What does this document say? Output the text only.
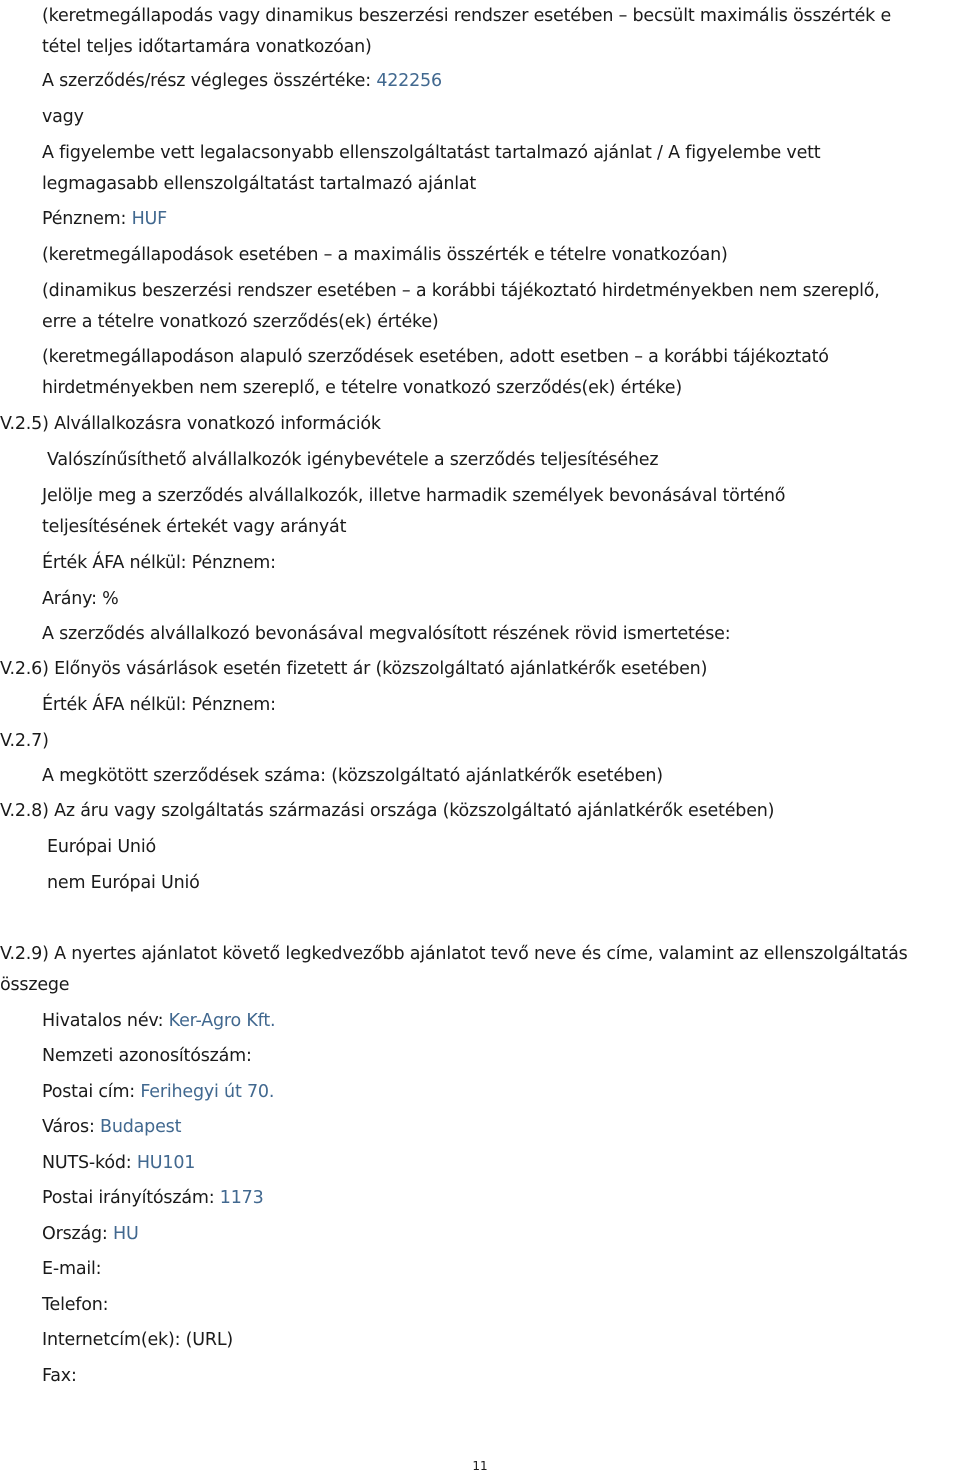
(keretmegállapodás vagy dinamikus beszerzési rendszer esetében – becsült maximális összérték e
tétel teljes időtartamára vonatkozóan)
A szerződés/rész végleges összértéke: 422256
vagy
A figyelembe vett legalacsonyabb ellenszolgáltatást tartalmazó ajánlat / A figyelembe vett
legmagasabb ellenszolgáltatást tartalmazó ajánlat
Pénznem: HUF
(keretmegállapodások esetében – a maximális összérték e tételre vonatkozóan)
(dinamikus beszerzési rendszer esetében – a korábbi tájékoztató hirdetményekben nem szereplő,
erre a tételre vonatkozó szerződés(ek) értéke)
(keretmegállapodáson alapuló szerződések esetében, adott esetben – a korábbi tájékoztató
hirdetményekben nem szereplő, e tételre vonatkozó szerződés(ek) értéke)
V.2.5) Alvállalkozásra vonatkozó információk
Valószínűsíthető alvállalkozók igénybevétele a szerződés teljesítéséhez
Jelölje meg a szerződés alvállalkozók, illetve harmadik személyek bevonásával történő
teljesítésének értekét vagy arányát
Érték ÁFA nélkül: Pénznem:
Arány: %
A szerződés alvállalkozó bevonásával megvalósított részének rövid ismertetése:
V.2.6) Előnyös vásárlások esetén fizetett ár (közszolgáltató ajánlatkérők esetében)
Érték ÁFA nélkül: Pénznem:
V.2.7)
A megkötött szerződések száma: (közszolgáltató ajánlatkérők esetében)
V.2.8) Az áru vagy szolgáltatás származási országa (közszolgáltató ajánlatkérők esetében)
Európai Unió
nem Európai Unió
V.2.9) A nyertes ajánlatot követő legkedvezőbb ajánlatot tevő neve és címe, valamint az ellenszolgáltatás
összege
Hivatalos név: Ker-Agro Kft.
Nemzeti azonosítószám:
Postai cím: Ferihegyi út 70.
Város: Budapest
NUTS-kód: HU101
Postai irányítószám: 1173
Ország: HU
E-mail:
Telefon:
Internetcím(ek): (URL)
Fax:
11
